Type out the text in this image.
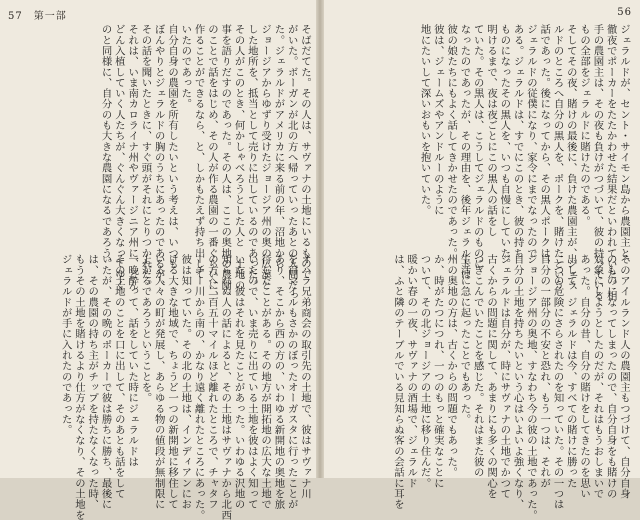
57　第一部

そばだてた。その人は、サヴァナの土地にいるもので

がいた。ボーガンが北の方へ帰っていったあとの人間だっ

た。ジェラルドがアメリカに来る前の年、沼地から

ジョージアからゆずり受けたジョージア州の奥の広漠と

した地所を、抵当として売りに出しているのであった。

その人がこのとき、何かしゃべろうとした人と　土地の

事を語りだすのであった。その人は、ここの奥地の農園

のことで話をはじめ、その人が作る農園の一番ぐらいに、

作ることができるなら、と、しかもたえず持ち出して

いたのであった。

自分自身の農園を所有したいという考えは、いつも

ぼんやりとジェラルドの胸のうちにあったのであるが、

その話を聞いたときに、すぐ頭がそれにとりつかれた。

それは、いま南カロライナ州やヴァージニア州に、どん

どん入植していく人たちが、ぐんぐん大きくなってゆく

のと同様に、自分のも大きな農園になるであろう。

オハラ兄弟商会の取引先の土地で、彼はサヴァナ川

を百マイルもさかのぼったオーガスタに行ったことが

あり、そこから西の方の、いわゆる新開地の奥地を旅

行したことがある。その地方が開拓地の広大な土地で

いたので、いま売りに出ている土地を彼はよく知って

いた。彼はそれを見たことがあった。いわゆる沢地の

知られぬ人の話によると、その土地はサヴァナから北西

の方へ二百五十マイルほど離れたところで、チャタフ

ーチー川から南の、かなり遠く離れたところにあった。

彼は知っていた。その北の土地は、インディアンにお

ける大きな地域で、ちょうど一つの新開地に移住して

いる人々の町が発展し、あらゆる物の値段が無制限に

上がるであろうということを。

一晩酔って、話をしていた時にジェラルドは

その土地のことを口に出して、そのあとも話をして

いたが、その晩のポーカーで彼は勝ちに勝ち、最後に

は、その農園の持ち主がチップを持たなくなった時、

もうその土地を賭けるより仕方がなくなり、その土地を

ジェラルドが手に入れたのであった。

56

ジェラルドが、セント・サイモン島から農園主と、

徹夜でポーカーをたたかわせた結果だといわれていた。相

手の農園主は、その夜も負けがつづいて、彼の持っている

もの全部をジェラルドに賭けたのである。

そしてその夜、賭けの最後に、負けた農園主が、ジェラ

ルドのところへ自分の黒人を、ポークを、賭けたという

話であった。後になってから、その黒人ポークは、

ジェラルドの従僕になり、家令にまでなったので

ある。ジェラルドは、すでにこのとき、彼の持ち

ものになったその黒人を、いつも自慢にしていた。

明けるまで、夜は夜ごとにこの黒人の話をし

ていた。その黒人は、こうしてジェラルドのものに

なったのであったが、その理由を、後年ジェラルドは

彼の娘たちにもよく話してきかせたのであった。

彼は、ジェームズやアンドルーのように

地にたいして深いおもいを抱いていた。

そのアイルランド人の農園主もつづけて、自分自身

のものになってしまったので、自分自身をも賭けの

対象にしようとしたのだが、それはもうおしまいで

あった。自分の昔、自分の賭けをしてきたのを思い

出して、ジェラルドは今、すべての賭けに勝った

二つの危険にさらされたのを知っていた。その一つは

自分の一部分の不安と恐れ、もう一つは、それが

ジョージア州の奥地、すなわち今の彼の土地であった。

自分の土地を持ちたいという心はいよいよ強くなり、

ジェラルドは自分が、時にサヴァナの土地でかつて

古くからの問題に関して、あまりにも多くの関心を

つぎこんでいたことを感じた。それはまた彼の

生活に急に起ったことでもあった。

州の奥地の方は、古くからの問題でもあった。

か、時がたつにつれ、一つのもっと確実なことに

ついて、その北ジョージアの土地に移り住んだ。

暖かい春の一夜、サヴァナの酒場で、ジェラルド

は、ふと隣のテーブルでいる見知らぬ客の会話に耳を
